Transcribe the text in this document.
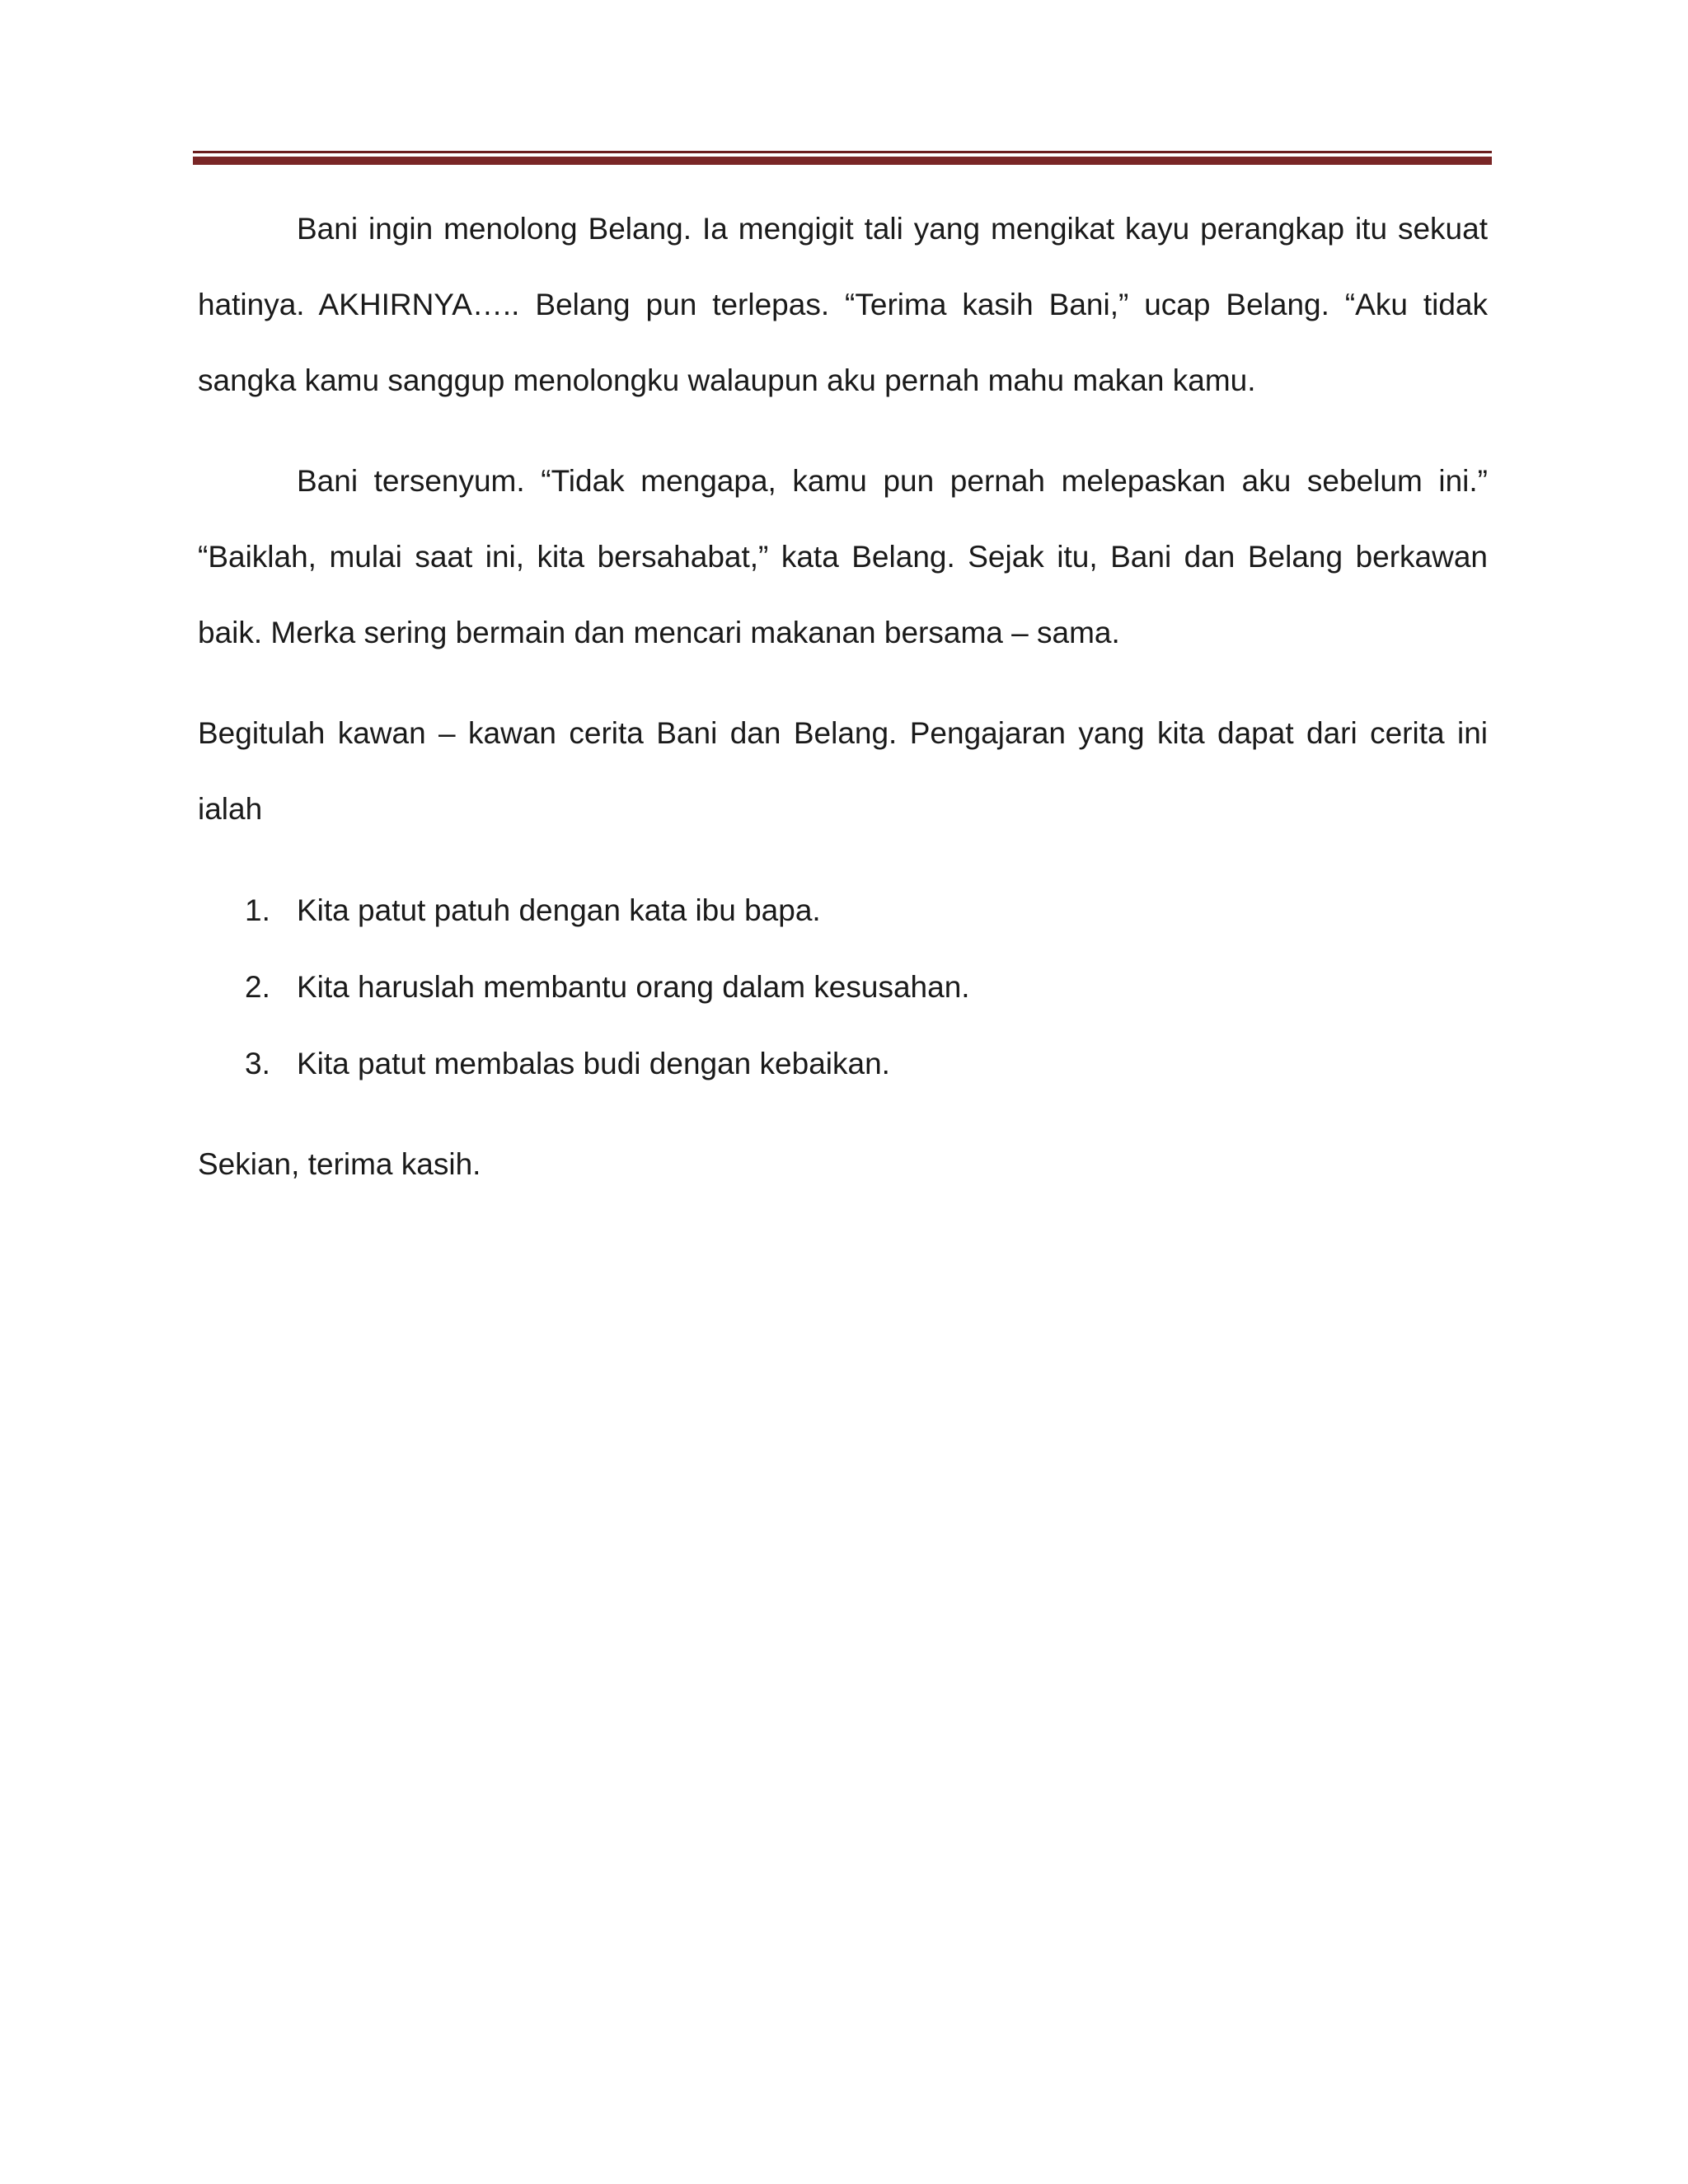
Bani ingin menolong Belang. Ia mengigit tali yang mengikat kayu perangkap itu sekuat hatinya. AKHIRNYA….. Belang pun terlepas. “Terima kasih Bani,” ucap Belang. “Aku tidak sangka kamu sanggup menolongku walaupun aku pernah mahu makan kamu.

Bani tersenyum. “Tidak mengapa, kamu pun pernah melepaskan aku sebelum ini.” “Baiklah, mulai saat ini, kita bersahabat,” kata Belang. Sejak itu, Bani dan Belang berkawan baik. Merka sering bermain dan mencari makanan bersama – sama.

Begitulah kawan – kawan cerita Bani dan Belang. Pengajaran yang kita dapat dari cerita ini ialah

1. Kita patut patuh dengan kata ibu bapa.
2. Kita haruslah membantu orang dalam kesusahan.
3. Kita patut membalas budi dengan kebaikan.

Sekian, terima kasih.
